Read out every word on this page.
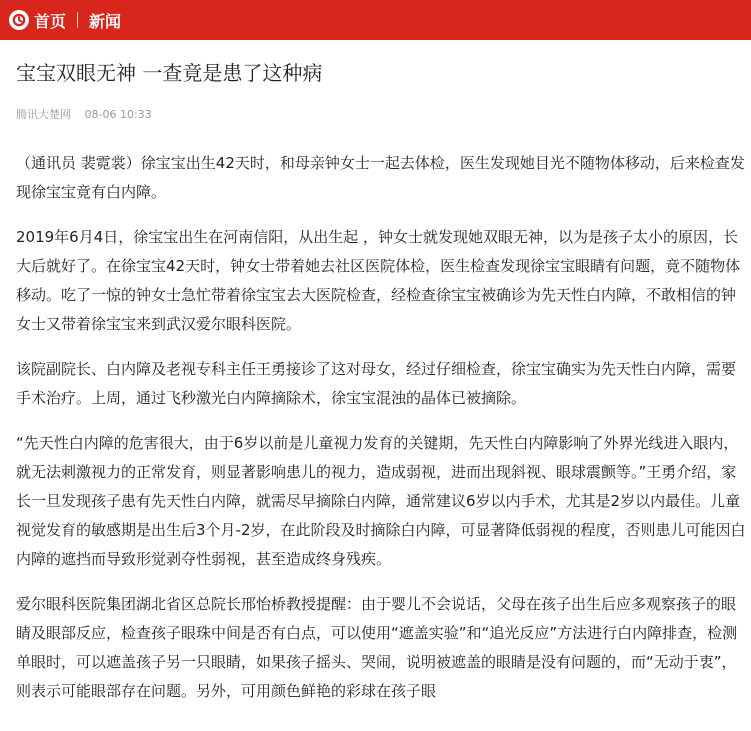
首页 新闻
宝宝双眼无神 一查竟是患了这种病
腾讯大楚网 08-06 10:33

（通讯员 裴霓裳）徐宝宝出生42天时，和母亲钟女士一起去体检，医生发现她目光不随物体移动，后来检查发现徐宝宝竟有白内障。

2019年6月4日，徐宝宝出生在河南信阳，从出生起 ，钟女士就发现她双眼无神，以为是孩子太小的原因，长大后就好了。在徐宝宝42天时，钟女士带着她去社区医院体检，医生检查发现徐宝宝眼睛有问题，竟不随物体移动。吃了一惊的钟女士急忙带着徐宝宝去大医院检查，经检查徐宝宝被确诊为先天性白内障，不敢相信的钟女士又带着徐宝宝来到武汉爱尔眼科医院。

该院副院长、白内障及老视专科主任王勇接诊了这对母女，经过仔细检查，徐宝宝确实为先天性白内障，需要手术治疗。上周，通过飞秒激光白内障摘除术，徐宝宝混浊的晶体已被摘除。

“先天性白内障的危害很大，由于6岁以前是儿童视力发育的关键期，先天性白内障影响了外界光线进入眼内，就无法刺激视力的正常发育，则显著影响患儿的视力，造成弱视，进而出现斜视、眼球震颤等。”王勇介绍，家长一旦发现孩子患有先天性白内障，就需尽早摘除白内障，通常建议6岁以内手术，尤其是2岁以内最佳。儿童视觉发育的敏感期是出生后3个月-2岁，在此阶段及时摘除白内障，可显著降低弱视的程度，否则患儿可能因白内障的遮挡而导致形觉剥夺性弱视，甚至造成终身残疾。

爱尔眼科医院集团湖北省区总院长邢怡桥教授提醒：由于婴儿不会说话，父母在孩子出生后应多观察孩子的眼睛及眼部反应，检查孩子眼珠中间是否有白点，可以使用“遮盖实验”和“追光反应”方法进行白内障排查，检测单眼时，可以遮盖孩子另一只眼睛，如果孩子摇头、哭闹，说明被遮盖的眼睛是没有问题的，而“无动于衷”，则表示可能眼部存在问题。另外，可用颜色鲜艳的彩球在孩子眼
